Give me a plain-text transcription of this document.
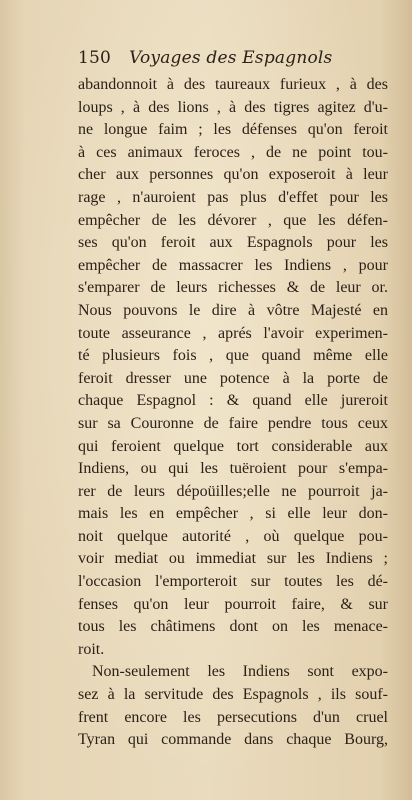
150 Voyages des Espagnols
abandonnoit à des taureaux furieux , à des
loups , à des lions , à des tigres agitez d'u-
ne longue faim ; les défenses qu'on feroit
à ces animaux feroces , de ne point tou-
cher aux personnes qu'on exposeroit à leur
rage , n'auroient pas plus d'effet pour les
empêcher de les dévorer , que les défen-
ses qu'on feroit aux Espagnols pour les
empêcher de massacrer les Indiens , pour
s'emparer de leurs richesses & de leur or.
Nous pouvons le dire à vôtre Majesté en
toute asseurance , aprés l'avoir experimen-
té plusieurs fois , que quand même elle
feroit dresser une potence à la porte de
chaque Espagnol : & quand elle jureroit
sur sa Couronne de faire pendre tous ceux
qui feroient quelque tort considerable aux
Indiens, ou qui les tuëroient pour s'empa-
rer de leurs dépoüilles;elle ne pourroit ja-
mais les en empêcher , si elle leur don-
noit quelque autorité , où quelque pou-
voir mediat ou immediat sur les Indiens ;
l'occasion l'emporteroit sur toutes les dé-
fenses qu'on leur pourroit faire, & sur
tous les châtimens dont on les menace-
roit.
Non-seulement les Indiens sont expo-
sez à la servitude des Espagnols , ils souf-
frent encore les persecutions d'un cruel
Tyran qui commande dans chaque Bourg,
